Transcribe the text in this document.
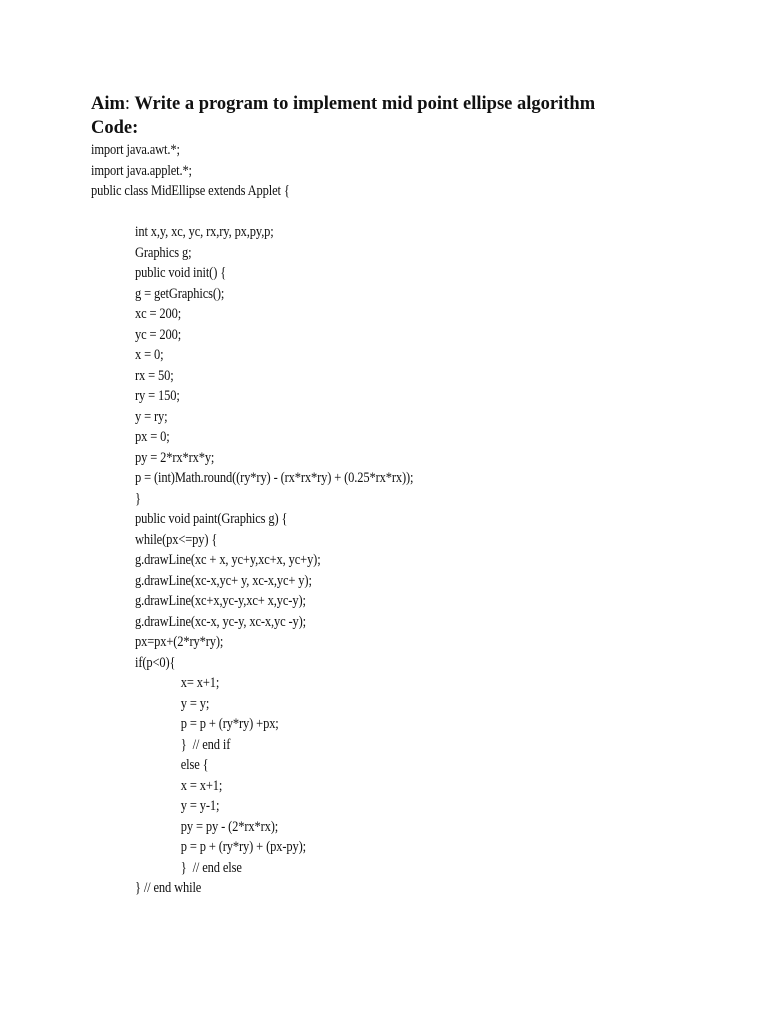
Aim: Write a program to implement mid point ellipse algorithm
Code:
import java.awt.*;
import java.applet.*;
public class MidEllipse extends Applet {
int x,y, xc, yc, rx,ry, px,py,p;
Graphics g;
public void init() {
g = getGraphics();
xc = 200;
yc = 200;
x = 0;
rx = 50;
ry = 150;
y = ry;
px = 0;
py = 2*rx*rx*y;
p = (int)Math.round((ry*ry) - (rx*rx*ry) + (0.25*rx*rx));
}
public void paint(Graphics g) {
while(px<=py) {
g.drawLine(xc + x, yc+y,xc+x, yc+y);
g.drawLine(xc-x,yc+ y, xc-x,yc+ y);
g.drawLine(xc+x,yc-y,xc+ x,yc-y);
g.drawLine(xc-x, yc-y, xc-x,yc -y);
px=px+(2*ry*ry);
if(p<0){
x= x+1;
y = y;
p = p + (ry*ry) +px;
}  // end if
else {
x = x+1;
y = y-1;
py = py - (2*rx*rx);
p = p + (ry*ry) + (px-py);
}  // end else
} // end while
